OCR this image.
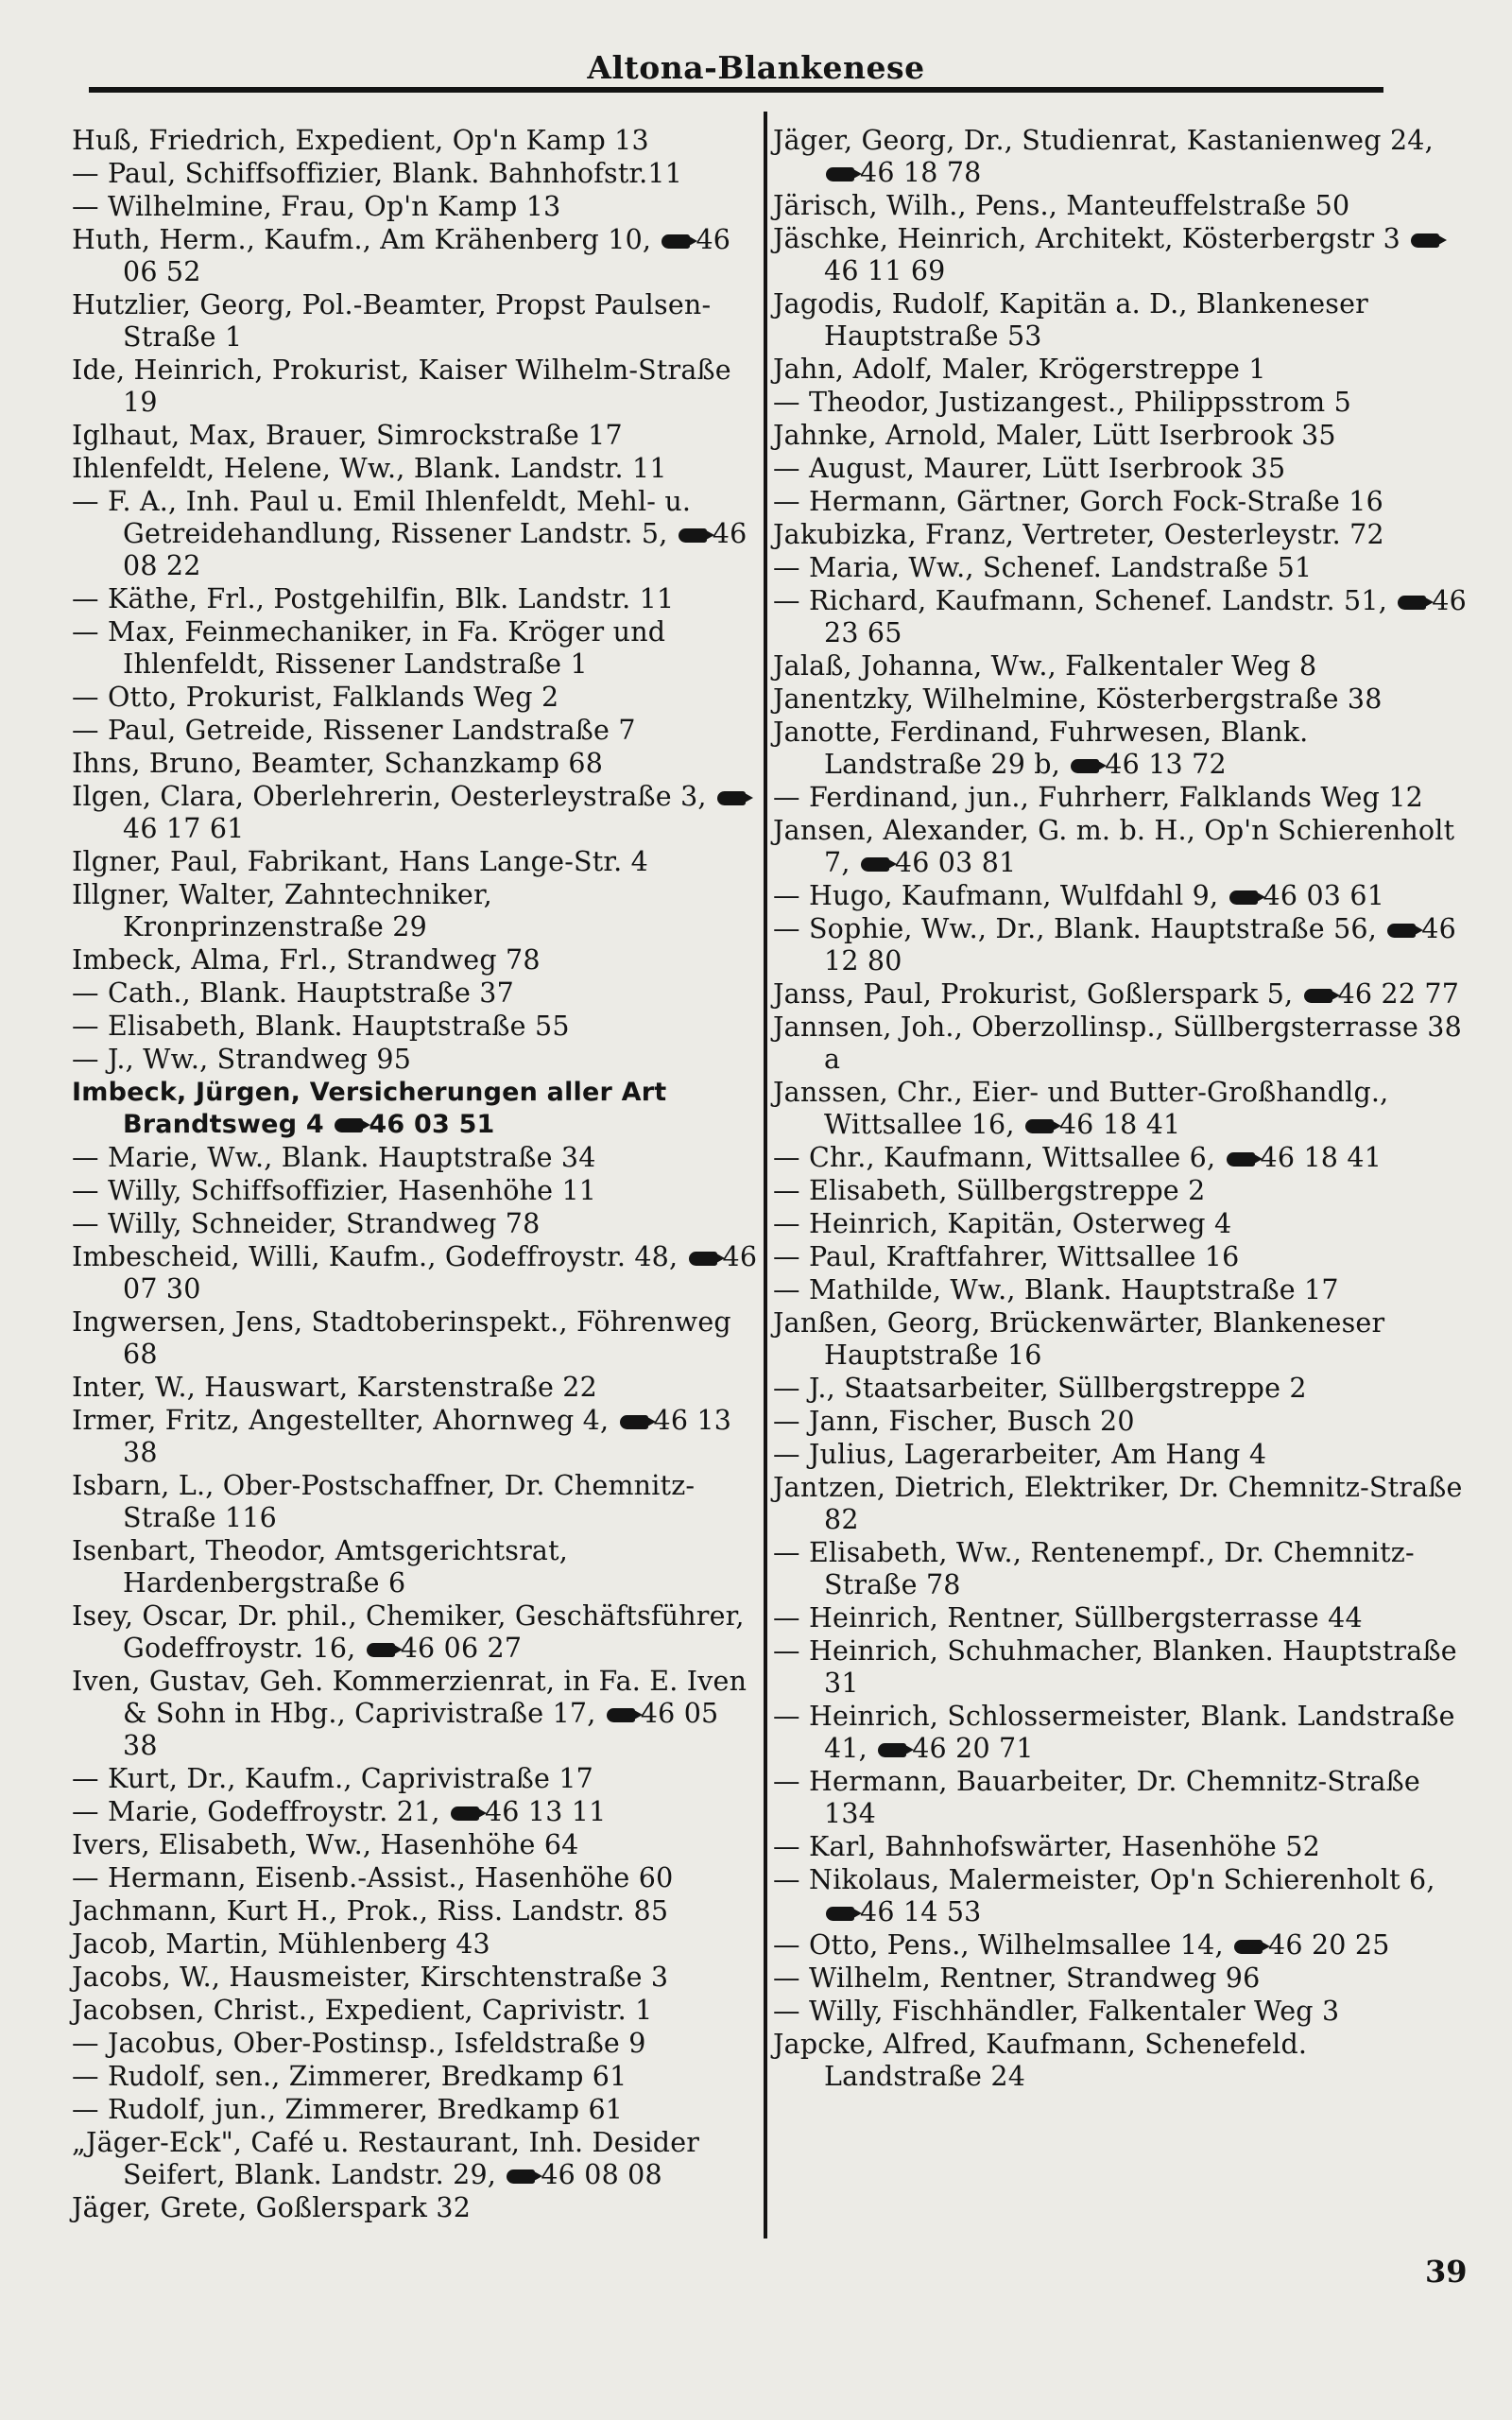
Altona-Blankenese
Huß, Friedrich, Expedient, Op'n Kamp 13
— Paul, Schiffsoffizier, Blank. Bahnhofstr.11
— Wilhelmine, Frau, Op'n Kamp 13
Huth, Herm., Kaufm., Am Krähenberg 10, 46 06 52
Hutzlier, Georg, Pol.-Beamter, Propst Paulsen-Straße 1
Ide, Heinrich, Prokurist, Kaiser Wilhelm-Straße 19
Iglhaut, Max, Brauer, Simrockstraße 17
Ihlenfeldt, Helene, Ww., Blank. Landstr. 11
— F. A., Inh. Paul u. Emil Ihlenfeldt, Mehl- u. Getreidehandlung, Rissener Landstr. 5, 46 08 22
— Käthe, Frl., Postgehilfin, Blk. Landstr. 11
— Max, Feinmechaniker, in Fa. Kröger und Ihlenfeldt, Rissener Landstraße 1
— Otto, Prokurist, Falklands Weg 2
— Paul, Getreide, Rissener Landstraße 7
Ihns, Bruno, Beamter, Schanzkamp 68
Ilgen, Clara, Oberlehrerin, Oesterleystraße 3, 46 17 61
Ilgner, Paul, Fabrikant, Hans Lange-Str. 4
Illgner, Walter, Zahntechniker, Kronprinzenstraße 29
Imbeck, Alma, Frl., Strandweg 78
— Cath., Blank. Hauptstraße 37
— Elisabeth, Blank. Hauptstraße 55
— J., Ww., Strandweg 95
Imbeck, Jürgen, Versicherungen aller Art Brandtsweg 4 46 03 51
— Marie, Ww., Blank. Hauptstraße 34
— Willy, Schiffsoffizier, Hasenhöhe 11
— Willy, Schneider, Strandweg 78
Imbescheid, Willi, Kaufm., Godeffroystr. 48, 46 07 30
Ingwersen, Jens, Stadtoberinspekt., Föhrenweg 68
Inter, W., Hauswart, Karstenstraße 22
Irmer, Fritz, Angestellter, Ahornweg 4, 46 13 38
Isbarn, L., Ober-Postschaffner, Dr. Chemnitz-Straße 116
Isenbart, Theodor, Amtsgerichtsrat, Hardenbergstraße 6
Isey, Oscar, Dr. phil., Chemiker, Geschäftsführer, Godeffroystr. 16, 46 06 27
Iven, Gustav, Geh. Kommerzienrat, in Fa. E. Iven & Sohn in Hbg., Caprivistraße 17, 46 05 38
— Kurt, Dr., Kaufm., Caprivistraße 17
— Marie, Godeffroystr. 21, 46 13 11
Ivers, Elisabeth, Ww., Hasenhöhe 64
— Hermann, Eisenb.-Assist., Hasenhöhe 60
Jachmann, Kurt H., Prok., Riss. Landstr. 85
Jacob, Martin, Mühlenberg 43
Jacobs, W., Hausmeister, Kirschtenstraße 3
Jacobsen, Christ., Expedient, Caprivistr. 1
— Jacobus, Ober-Postinsp., Isfeldstraße 9
— Rudolf, sen., Zimmerer, Bredkamp 61
— Rudolf, jun., Zimmerer, Bredkamp 61
„Jäger-Eck", Café u. Restaurant, Inh. Desider Seifert, Blank. Landstr. 29, 46 08 08
Jäger, Grete, Goßlerspark 32
Jäger, Georg, Dr., Studienrat, Kastanienweg 24, 46 18 78
Järisch, Wilh., Pens., Manteuffelstraße 50
Jäschke, Heinrich, Architekt, Kösterbergstr 3 46 11 69
Jagodis, Rudolf, Kapitän a. D., Blankeneser Hauptstraße 53
Jahn, Adolf, Maler, Krögerstreppe 1
— Theodor, Justizangest., Philippsstrom 5
Jahnke, Arnold, Maler, Lütt Iserbrook 35
— August, Maurer, Lütt Iserbrook 35
— Hermann, Gärtner, Gorch Fock-Straße 16
Jakubizka, Franz, Vertreter, Oesterleystr. 72
— Maria, Ww., Schenef. Landstraße 51
— Richard, Kaufmann, Schenef. Landstr. 51, 46 23 65
Jalaß, Johanna, Ww., Falkentaler Weg 8
Janentzky, Wilhelmine, Kösterbergstraße 38
Janotte, Ferdinand, Fuhrwesen, Blank. Landstraße 29 b, 46 13 72
— Ferdinand, jun., Fuhrherr, Falklands Weg 12
Jansen, Alexander, G. m. b. H., Op'n Schierenholt 7, 46 03 81
— Hugo, Kaufmann, Wulfdahl 9, 46 03 61
— Sophie, Ww., Dr., Blank. Hauptstraße 56, 46 12 80
Janss, Paul, Prokurist, Goßlerspark 5, 46 22 77
Jannsen, Joh., Oberzollinsp., Süllbergsterrasse 38 a
Janssen, Chr., Eier- und Butter-Großhandlg., Wittsallee 16, 46 18 41
— Chr., Kaufmann, Wittsallee 6, 46 18 41
— Elisabeth, Süllbergstreppe 2
— Heinrich, Kapitän, Osterweg 4
— Paul, Kraftfahrer, Wittsallee 16
— Mathilde, Ww., Blank. Hauptstraße 17
Janßen, Georg, Brückenwärter, Blankeneser Hauptstraße 16
— J., Staatsarbeiter, Süllbergstreppe 2
— Jann, Fischer, Busch 20
— Julius, Lagerarbeiter, Am Hang 4
Jantzen, Dietrich, Elektriker, Dr. Chemnitz-Straße 82
— Elisabeth, Ww., Rentenempf., Dr. Chemnitz-Straße 78
— Heinrich, Rentner, Süllbergsterrasse 44
— Heinrich, Schuhmacher, Blanken. Hauptstraße 31
— Heinrich, Schlossermeister, Blank. Landstraße 41, 46 20 71
— Hermann, Bauarbeiter, Dr. Chemnitz-Straße 134
— Karl, Bahnhofswärter, Hasenhöhe 52
— Nikolaus, Malermeister, Op'n Schierenholt 6, 46 14 53
— Otto, Pens., Wilhelmsallee 14, 46 20 25
— Wilhelm, Rentner, Strandweg 96
— Willy, Fischhändler, Falkentaler Weg 3
Japcke, Alfred, Kaufmann, Schenefeld. Landstraße 24
39
